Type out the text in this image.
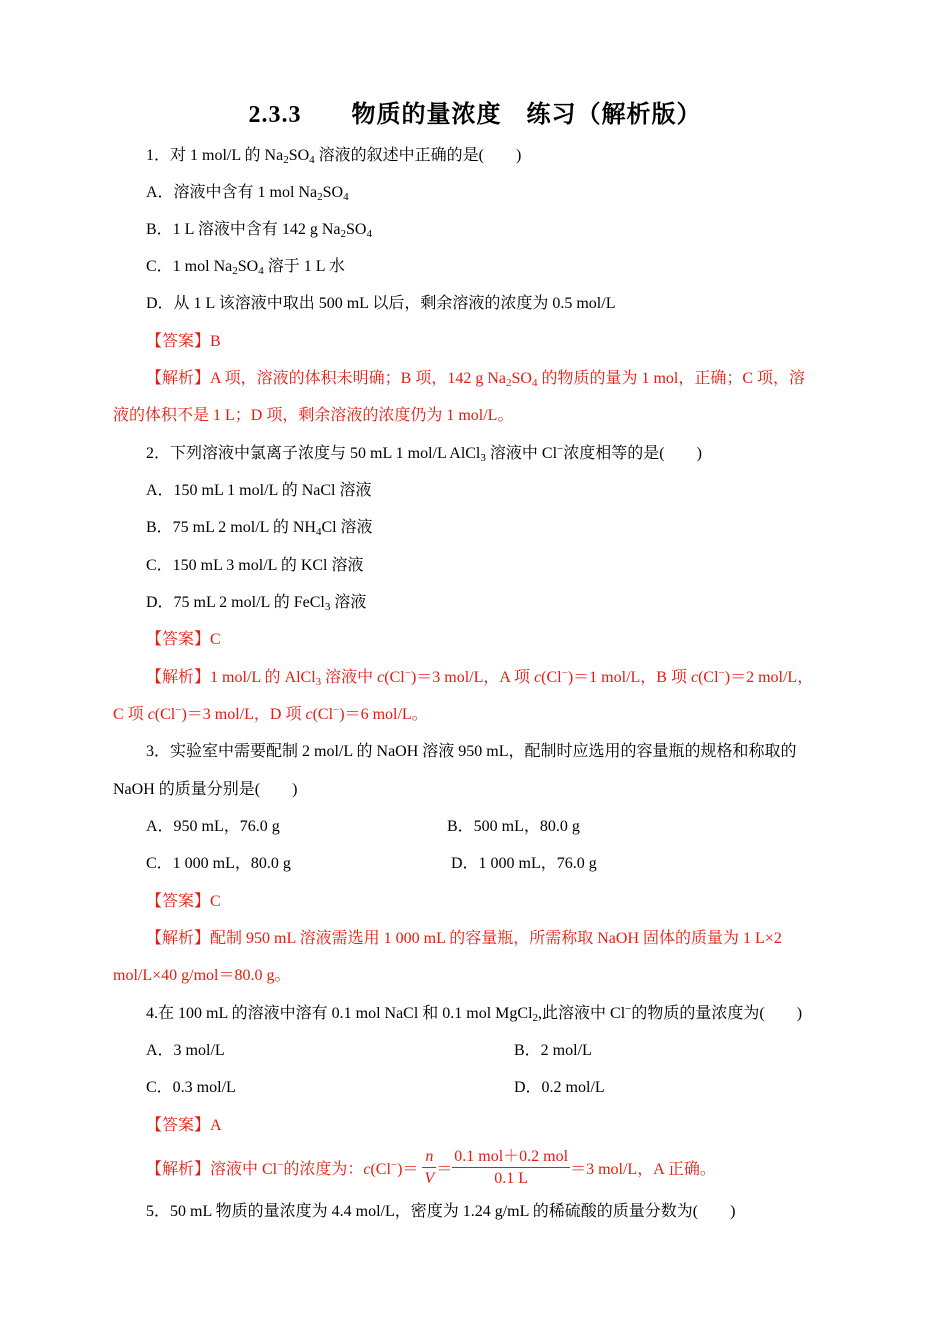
2.3.3　　物质的量浓度　练习（解析版）
1．对 1 mol/L 的 $Na_2SO_4$ 溶液的叙述中正确的是(　　)
A．溶液中含有 1 mol $Na_2SO_4$
B．1 L 溶液中含有 142 g $Na_2SO_4$
C．1 mol $Na_2SO_4$ 溶于 1 L 水
D．从 1 L 该溶液中取出 500 mL 以后，剩余溶液的浓度为 0.5 mol/L
【答案】B
【解析】A 项，溶液的体积未明确；B 项，142 g $Na_2SO_4$ 的物质的量为 1 mol，正确；C 项，溶
液的体积不是 1 L；D 项，剩余溶液的浓度仍为 1 mol/L。
2．下列溶液中氯离子浓度与 50 mL 1 mol/L AlCl$_3$ 溶液中 Cl−浓度相等的是(　　)
A．150 mL 1 mol/L 的 NaCl 溶液
B．75 mL 2 mol/L 的 $NH_4Cl$ 溶液
C．150 mL 3 mol/L 的 KCl 溶液
D．75 mL 2 mol/L 的 FeCl$_3$ 溶液
【答案】C
【解析】1 mol/L 的 AlCl$_3$ 溶液中 c(Cl−)＝3 mol/L，A 项 c(Cl−)＝1 mol/L，B 项 c(Cl−)＝2 mol/L，
C 项 c(Cl−)＝3 mol/L，D 项 c(Cl−)＝6 mol/L。
3．实验室中需要配制 2 mol/L 的 NaOH 溶液 950 mL，配制时应选用的容量瓶的规格和称取的
NaOH 的质量分别是(　　)
A．950 mL，76.0 g	B．500 mL，80.0 g
C．1 000 mL，80.0 g	D．1 000 mL，76.0 g
【答案】C
【解析】配制 950 mL 溶液需选用 1 000 mL 的容量瓶，所需称取 NaOH 固体的质量为 1 L×2
mol/L×40 g/mol＝80.0 g。
4.在 100 mL 的溶液中溶有 0.1 mol NaCl 和 0.1 mol MgCl$_2$,此溶液中 Cl−的物质的量浓度为(　　)
A．3 mol/L	B．2 mol/L
C．0.3 mol/L	D．0.2 mol/L
【答案】A
【解析】溶液中 Cl−的浓度为：$c(Cl^-)= \frac{n}{V} = \frac{\text{0.1 mol＋0.2 mol}}{0.1 L} =3$ mol/L，A 正确。
5．50 mL 物质的量浓度为 4.4 mol/L，密度为 1.24 g/mL 的稀硫酸的质量分数为(　　)
